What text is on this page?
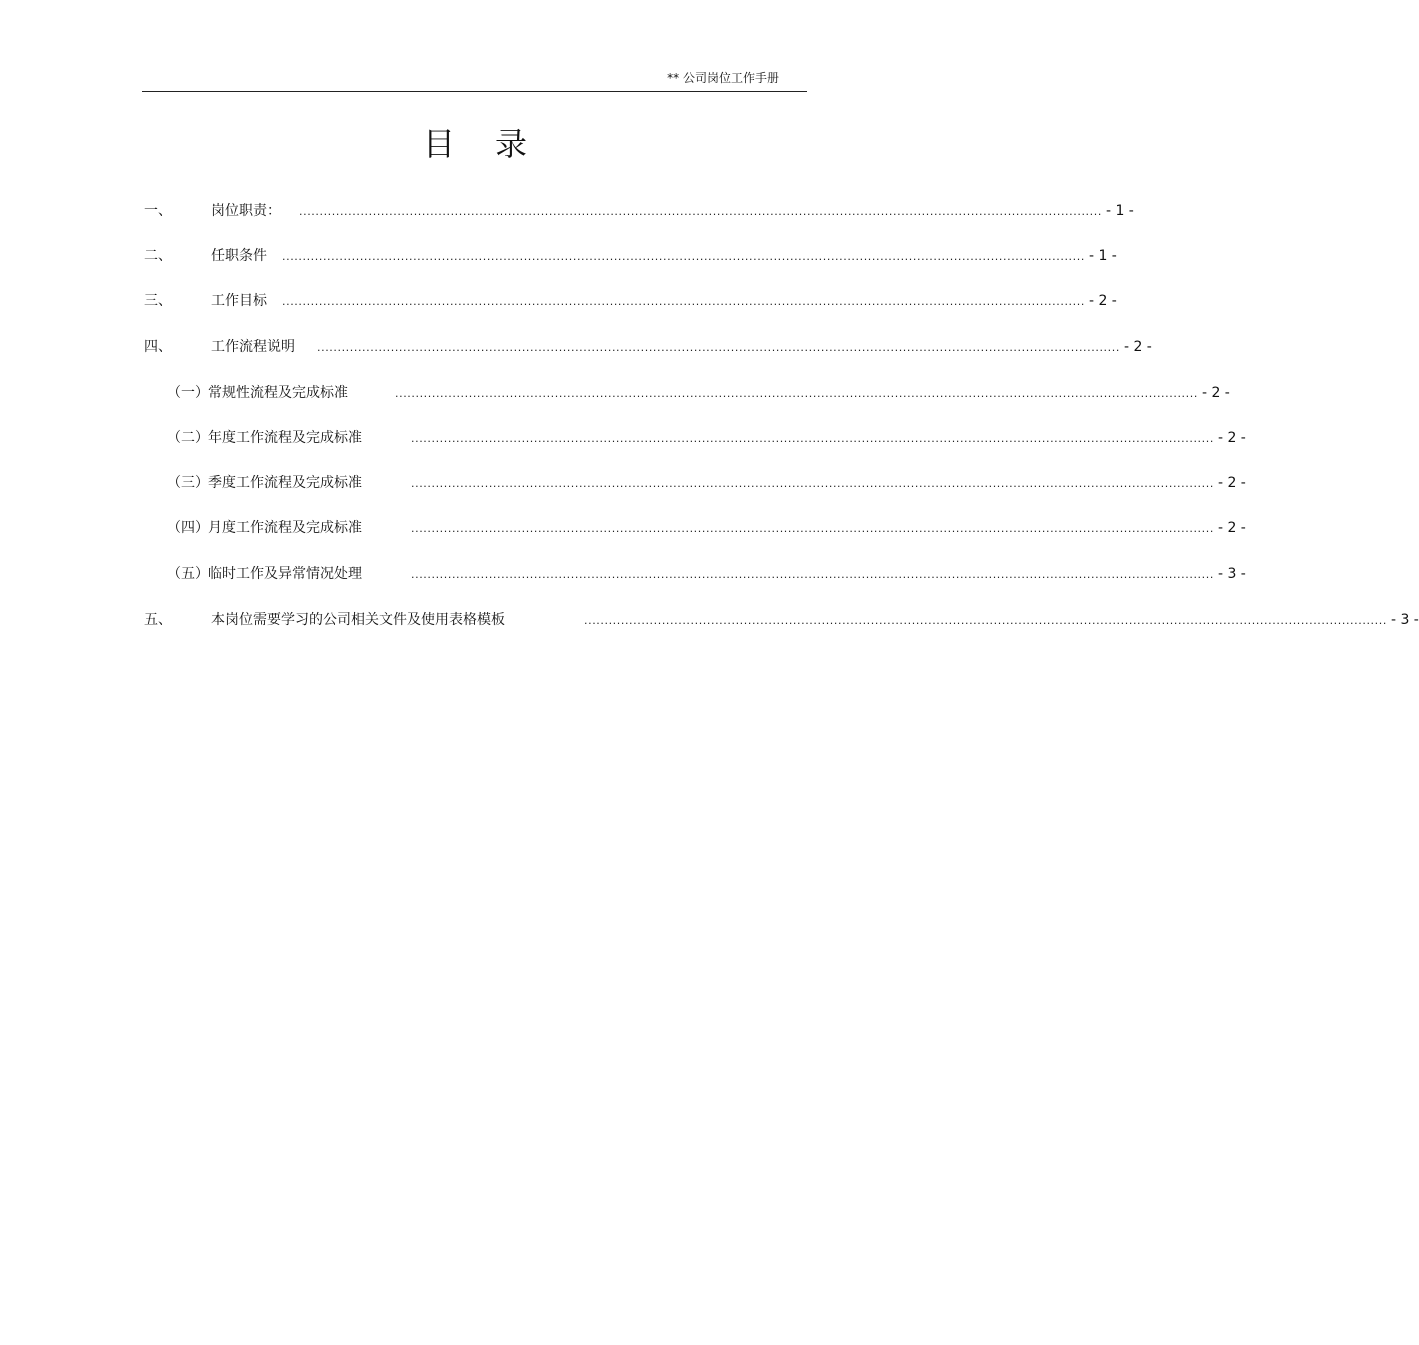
** 公司岗位工作手册
目 录
一、	岗位职责： .................................................................................................................................................................................................... - 1 -
二、	任职条件 .................................................................................................................................................................................................... - 1 -
三、	工作目标 .................................................................................................................................................................................................... - 2 -
四、	工作流程说明 .................................................................................................................................................................................................... - 2 -
（一） 常规性流程及完成标准	.................................................................................................................................................................................................... - 2 -
（二） 年度工作流程及完成标准	.................................................................................................................................................................................................... - 2 -
（三） 季度工作流程及完成标准	.................................................................................................................................................................................................... - 2 -
（四） 月度工作流程及完成标准	.................................................................................................................................................................................................... - 2 -
（五） 临时工作及异常情况处理	.................................................................................................................................................................................................... - 3 -
五、	本岗位需要学习的公司相关文件及使用表格模板	.................................................................................................................................................................................................... - 3 -
